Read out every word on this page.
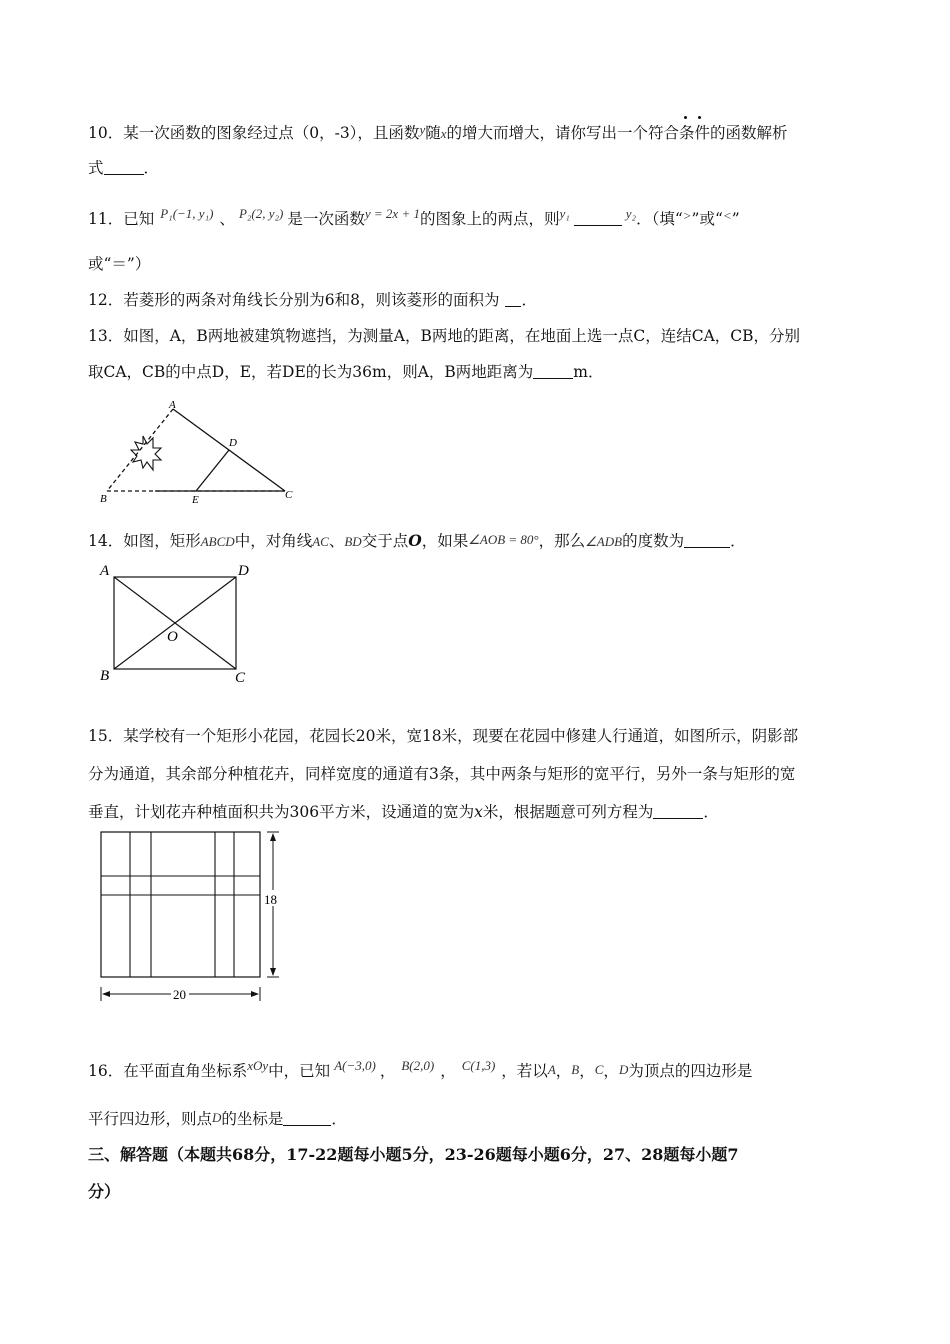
10．某一次函数的图象经过点（0，-3），且函数$^y$随x的增大而增大，请你写出一个符合条件的函数解析
式	．
11．已知 $^{P_1(-1, y_1)}$ 、 $^{P_2(2, y_2)}$ 是一次函数$^{y = 2x + 1}$的图象上的两点，则$^{y_1}$	$^{y_2}$．（填“>”或“<”
或“＝”）
12．若菱形的两条对角线长分别为6和8，则该菱形的面积为 ．
13．如图，A，B两地被建筑物遮挡，为测量A，B两地的距离，在地面上选一点C，连结CA，CB，分别
取CA，CB的中点D，E，若DE的长为36m，则A，B两地距离为	m．
A
B	C
D
E
14．如图，矩形ABCD中，对角线AC、BD交于点O，如果∠AOB = 80°，那么∠ADB的度数为	．
A	D
B	C
O
15．某学校有一个矩形小花园，花园长20米，宽18米，现要在花园中修建人行通道，如图所示，阴影部
分为通道，其余部分种植花卉，同样宽度的通道有3条，其中两条与矩形的宽平行，另外一条与矩形的宽
垂直，计划花卉种植面积共为306平方米，设通道的宽为x米，根据题意可列方程为	．
18
20
16．在平面直角坐标系$^{xOy}$中，已知 $^{A(-3,0)}$ ， $^{B(2,0)}$ ， $^{C(1,3)}$ ，若以A，B，C，D为顶点的四边形是
平行四边形，则点D的坐标是	．
三、解答题（本题共68分，17-22题每小题5分，23-26题每小题6分，27、28题每小题7
分）
